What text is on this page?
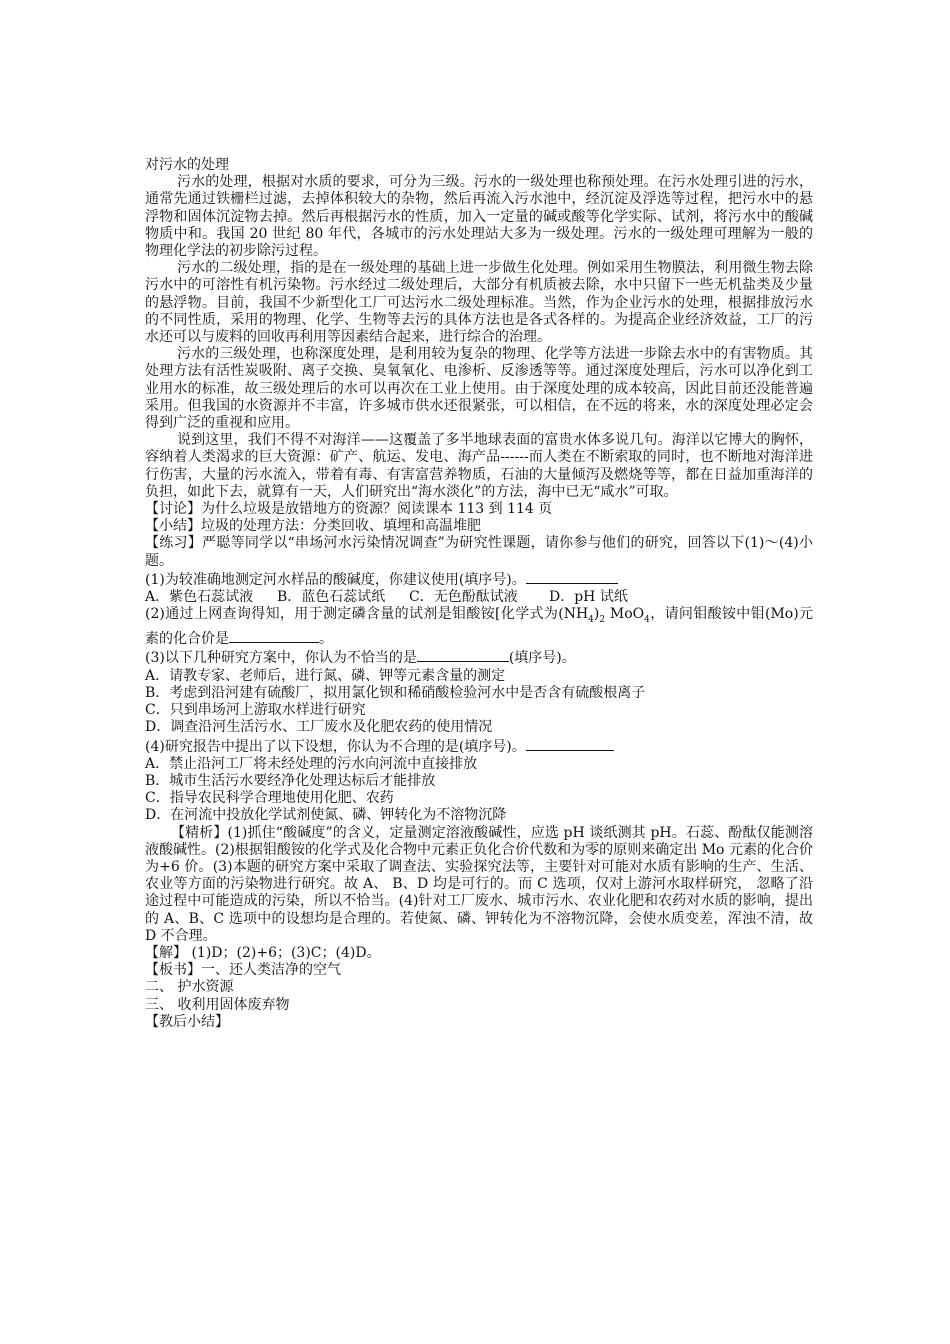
对污水的处理

污水的处理，根据对水质的要求，可分为三级。污水的一级处理也称预处理。在污水处理引进的污水，通常先通过铁栅栏过滤，去掉体积较大的杂物，然后再流入污水池中，经沉淀及浮选等过程，把污水中的悬浮物和固体沉淀物去掉。然后再根据污水的性质，加入一定量的碱或酸等化学实际、试剂，将污水中的酸碱物质中和。我国 20 世纪 80 年代，各城市的污水处理站大多为一级处理。污水的一级处理可理解为一般的物理化学法的初步除污过程。

污水的二级处理，指的是在一级处理的基础上进一步做生化处理。例如采用生物膜法，利用微生物去除污水中的可溶性有机污染物。污水经过二级处理后，大部分有机质被去除，水中只留下一些无机盐类及少量的悬浮物。目前，我国不少新型化工厂可达污水二级处理标准。当然，作为企业污水的处理，根据排放污水的不同性质，采用的物理、化学、生物等去污的具体方法也是各式各样的。为提高企业经济效益，工厂的污水还可以与废料的回收再利用等因素结合起来，进行综合的治理。

污水的三级处理，也称深度处理，是利用较为复杂的物理、化学等方法进一步除去水中的有害物质。其处理方法有活性炭吸附、离子交换、臭氧氧化、电渗析、反渗透等等。通过深度处理后，污水可以净化到工业用水的标准，故三级处理后的水可以再次在工业上使用。由于深度处理的成本较高，因此目前还没能普遍采用。但我国的水资源并不丰富，许多城市供水还很紧张，可以相信，在不远的将来，水的深度处理必定会得到广泛的重视和应用。

说到这里，我们不得不对海洋——这覆盖了多半地球表面的富贵水体多说几句。海洋以它博大的胸怀，容纳着人类渴求的巨大资源：矿产、航运、发电、海产品------而人类在不断索取的同时，也不断地对海洋进行伤害，大量的污水流入，带着有毒、有害富营养物质，石油的大量倾泻及燃烧等等，都在日益加重海洋的负担，如此下去，就算有一天，人们研究出“海水淡化”的方法，海中已无“咸水”可取。

【讨论】为什么垃圾是放错地方的资源？阅读课本 113 到 114 页

【小结】垃圾的处理方法：分类回收、填埋和高温堆肥

【练习】严聪等同学以“串场河水污染情况调查”为研究性课题，请你参与他们的研究，回答以下(1)～(4)小题。

(1)为较准确地测定河水样品的酸碱度，你建议使用(填序号)。

A．紫色石蕊试液 B．蓝色石蕊试纸 C．无色酚酞试液 D．pH 试纸

(2)通过上网查询得知，用于测定磷含量的试剂是钼酸铵[化学式为$(NH_4)_2$ MoO$_4$，请问钼酸铵中钼(Mo)元素的化合价是	。

(3)以下几种研究方案中，你认为不恰当的是	(填序号)。

A．请教专家、老师后，进行氮、磷、钾等元素含量的测定

B．考虑到沿河建有硫酸厂，拟用氯化钡和稀硝酸检验河水中是否含有硫酸根离子

C．只到串场河上游取水样进行研究

D．调查沿河生活污水、工厂废水及化肥农药的使用情况

(4)研究报告中提出了以下设想，你认为不合理的是(填序号)。

A．禁止沿河工厂将未经处理的污水向河流中直接排放

B．城市生活污水要经净化处理达标后才能排放

C．指导农民科学合理地使用化肥、农药

D．在河流中投放化学试剂使氮、磷、钾转化为不溶物沉降

【精析】(1)抓住“酸碱度”的含义，定量测定溶液酸碱性，应选 pH 谈纸测其 pH。石蕊、酚酞仅能测溶液酸碱性。(2)根据钼酸铵的化学式及化合物中元素正负化合价代数和为零的原则来确定出 Mo 元素的化合价为+6 价。(3)本题的研究方案中采取了调查法、实验探究法等，主要针对可能对水质有影响的生产、生活、农业等方面的污染物进行研究。故 A、 B、D 均是可行的。而 C 选项，仅对上游河水取样研究， 忽略了沿途过程中可能造成的污染，所以不恰当。(4)针对工厂废水、城市污水、农业化肥和农药对水质的影响，提出的 A、B、C 选项中的设想均是合理的。若使氮、磷、钾转化为不溶物沉降，会使水质变差，浑浊不清，故 D 不合理。

【解】 (1)D；(2)+6；(3)C；(4)D。

【板书】一、还人类洁净的空气

二、 护水资源

三、 收利用固体废弃物

【教后小结】
